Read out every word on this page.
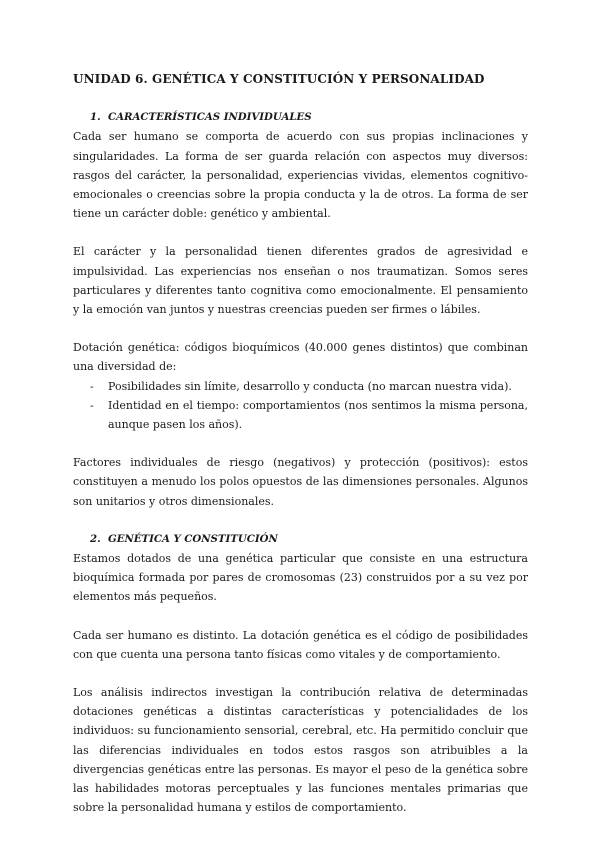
UNIDAD 6. GENÉTICA Y CONSTITUCIÓN Y PERSONALIDAD
1. CARACTERÍSTICAS INDIVIDUALES

Cada ser humano se comporta de acuerdo con sus propias inclinaciones y singularidades. La forma de ser guarda relación con aspectos muy diversos: rasgos del carácter, la personalidad, experiencias vividas, elementos cognitivo-emocionales o creencias sobre la propia conducta y la de otros. La forma de ser tiene un carácter doble: genético y ambiental.

El carácter y la personalidad tienen diferentes grados de agresividad e impulsividad. Las experiencias nos enseñan o nos traumatizan. Somos seres particulares y diferentes tanto cognitiva como emocionalmente. El pensamiento y la emoción van juntos y nuestras creencias pueden ser firmes o lábiles.

Dotación genética: códigos bioquímicos (40.000 genes distintos) que combinan una diversidad de:

- Posibilidades sin límite, desarrollo y conducta (no marcan nuestra vida).
- Identidad en el tiempo: comportamientos (nos sentimos la misma persona, aunque pasen los años).

Factores individuales de riesgo (negativos) y protección (positivos): estos constituyen a menudo los polos opuestos de las dimensiones personales. Algunos son unitarios y otros dimensionales.

2. GENÉTICA Y CONSTITUCIÓN

Estamos dotados de una genética particular que consiste en una estructura bioquímica formada por pares de cromosomas (23) construidos por a su vez por elementos más pequeños.

Cada ser humano es distinto. La dotación genética es el código de posibilidades con que cuenta una persona tanto físicas como vitales y de comportamiento.

Los análisis indirectos investigan la contribución relativa de determinadas dotaciones genéticas a distintas características y potencialidades de los individuos: su funcionamiento sensorial, cerebral, etc. Ha permitido concluir que las diferencias individuales en todos estos rasgos son atribuibles a la divergencias genéticas entre las personas. Es mayor el peso de la genética sobre las habilidades motoras perceptuales y las funciones mentales primarias que sobre la personalidad humana y estilos de comportamiento.
